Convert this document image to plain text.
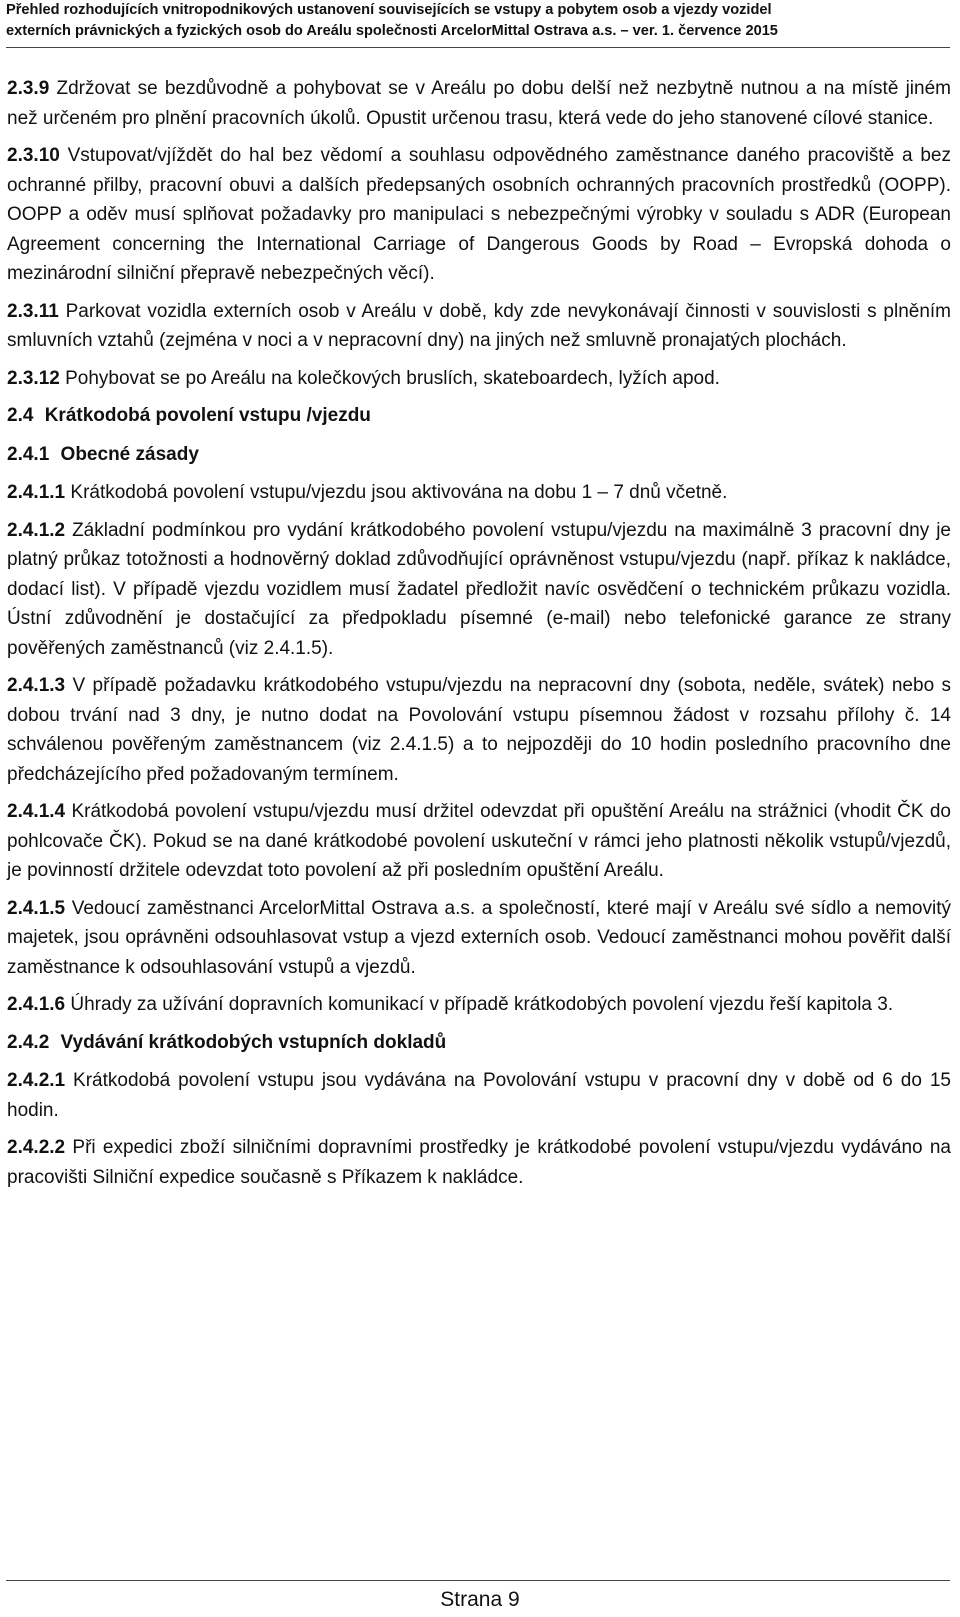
Přehled rozhodujících vnitropodnikových ustanovení souvisejících se vstupy a pobytem osob a vjezdy vozidel
externích právnických a fyzických osob do Areálu společnosti ArcelorMittal Ostrava a.s. – ver. 1. července 2015
2.3.9 Zdržovat se bezdůvodně a pohybovat se v Areálu po dobu delší než nezbytně nutnou a na místě jiném než určeném pro plnění pracovních úkolů. Opustit určenou trasu, která vede do jeho stanovené cílové stanice.
2.3.10 Vstupovat/vjíždět do hal bez vědomí a souhlasu odpovědného zaměstnance daného pracoviště a bez ochranné přilby, pracovní obuvi a dalších předepsaných osobních ochranných pracovních prostředků (OOPP). OOPP a oděv musí splňovat požadavky pro manipulaci s nebezpečnými výrobky v souladu s ADR (European Agreement concerning the International Carriage of Dangerous Goods by Road – Evropská dohoda o mezinárodní silniční přepravě nebezpečných věcí).
2.3.11 Parkovat vozidla externích osob v Areálu v době, kdy zde nevykonávají činnosti v souvislosti s plněním smluvních vztahů (zejména v noci a v nepracovní dny) na jiných než smluvně pronajatých plochách.
2.3.12 Pohybovat se po Areálu na kolečkových bruslích, skateboardech, lyžích apod.
2.4 Krátkodobá povolení vstupu /vjezdu
2.4.1 Obecné zásady
2.4.1.1 Krátkodobá povolení vstupu/vjezdu jsou aktivována na dobu 1 – 7 dnů včetně.
2.4.1.2 Základní podmínkou pro vydání krátkodobého povolení vstupu/vjezdu na maximálně 3 pracovní dny je platný průkaz totožnosti a hodnověrný doklad zdůvodňující oprávněnost vstupu/vjezdu (např. příkaz k nakládce, dodací list). V případě vjezdu vozidlem musí žadatel předložit navíc osvědčení o technickém průkazu vozidla. Ústní zdůvodnění je dostačující za předpokladu písemné (e-mail) nebo telefonické garance ze strany pověřených zaměstnanců (viz 2.4.1.5).
2.4.1.3 V případě požadavku krátkodobého vstupu/vjezdu na nepracovní dny (sobota, neděle, svátek) nebo s dobou trvání nad 3 dny, je nutno dodat na Povolování vstupu písemnou žádost v rozsahu přílohy č. 14 schválenou pověřeným zaměstnancem (viz 2.4.1.5) a to nejpozději do 10 hodin posledního pracovního dne předcházejícího před požadovaným termínem.
2.4.1.4 Krátkodobá povolení vstupu/vjezdu musí držitel odevzdat při opuštění Areálu na strážnici (vhodit ČK do pohlcovače ČK). Pokud se na dané krátkodobé povolení uskuteční v rámci jeho platnosti několik vstupů/vjezdů, je povinností držitele odevzdat toto povolení až při posledním opuštění Areálu.
2.4.1.5 Vedoucí zaměstnanci ArcelorMittal Ostrava a.s. a společností, které mají v Areálu své sídlo a nemovitý majetek, jsou oprávněni odsouhlasovat vstup a vjezd externích osob. Vedoucí zaměstnanci mohou pověřit další zaměstnance k odsouhlasování vstupů a vjezdů.
2.4.1.6 Úhrady za užívání dopravních komunikací v případě krátkodobých povolení vjezdu řeší kapitola 3.
2.4.2 Vydávání krátkodobých vstupních dokladů
2.4.2.1 Krátkodobá povolení vstupu jsou vydávána na Povolování vstupu v pracovní dny v době od 6 do 15 hodin.
2.4.2.2 Při expedici zboží silničními dopravními prostředky je krátkodobé povolení vstupu/vjezdu vydáváno na pracovišti Silniční expedice současně s Příkazem k nakládce.
Strana 9
